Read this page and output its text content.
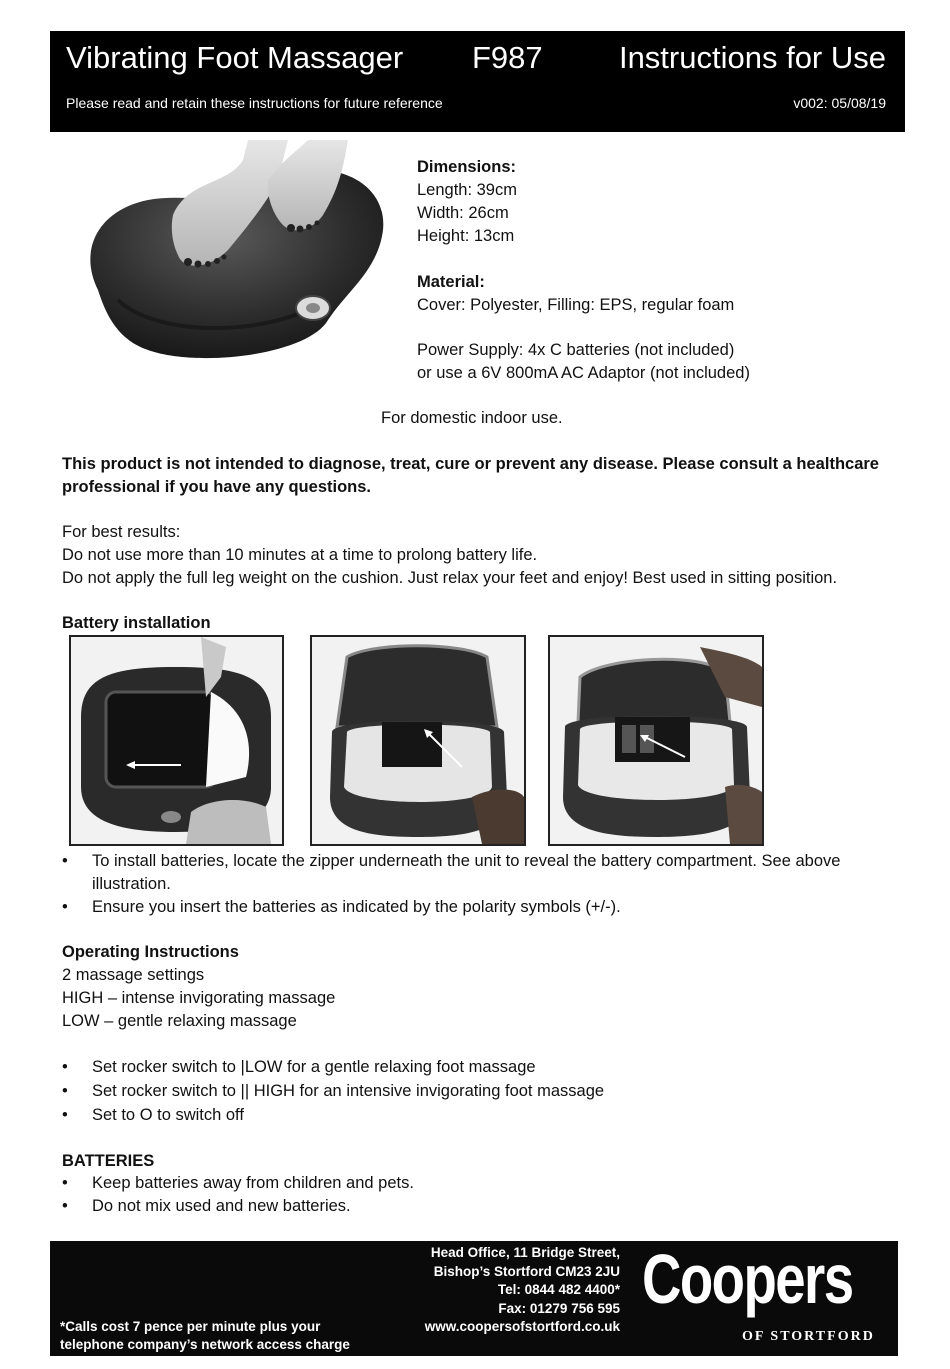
Vibrating Foot Massager F987 Instructions for Use
Please read and retain these instructions for future reference	v002: 05/08/19
Dimensions:
Length: 39cm
Width: 26cm
Height: 13cm
Material:
Cover: Polyester, Filling: EPS, regular foam
Power Supply: 4x C batteries (not included)
or use a 6V 800mA AC Adaptor (not included)
For domestic indoor use.
This product is not intended to diagnose, treat, cure or prevent any disease. Please consult a healthcare
professional if you have any questions.
For best results:
Do not use more than 10 minutes at a time to prolong battery life.
Do not apply the full leg weight on the cushion. Just relax your feet and enjoy! Best used in sitting position.
Battery installation
•	To install batteries, locate the zipper underneath the unit to reveal the battery compartment. See above
illustration.
•	Ensure you insert the batteries as indicated by the polarity symbols (+/-).
Operating Instructions
2 massage settings
HIGH – intense invigorating massage
LOW – gentle relaxing massage
•	Set rocker switch to |LOW for a gentle relaxing foot massage
•	Set rocker switch to || HIGH for an intensive invigorating foot massage
•	Set to O to switch off
BATTERIES
•	Keep batteries away from children and pets.
•	Do not mix used and new batteries.
Head Office, 11 Bridge Street,
Bishop’s Stortford CM23 2JU
Tel: 0844 482 4400*
Fax: 01279 756 595
www.coopersofstortford.co.uk
*Calls cost 7 pence per minute plus your
telephone company’s network access charge
Coopers
OF STORTFORD
